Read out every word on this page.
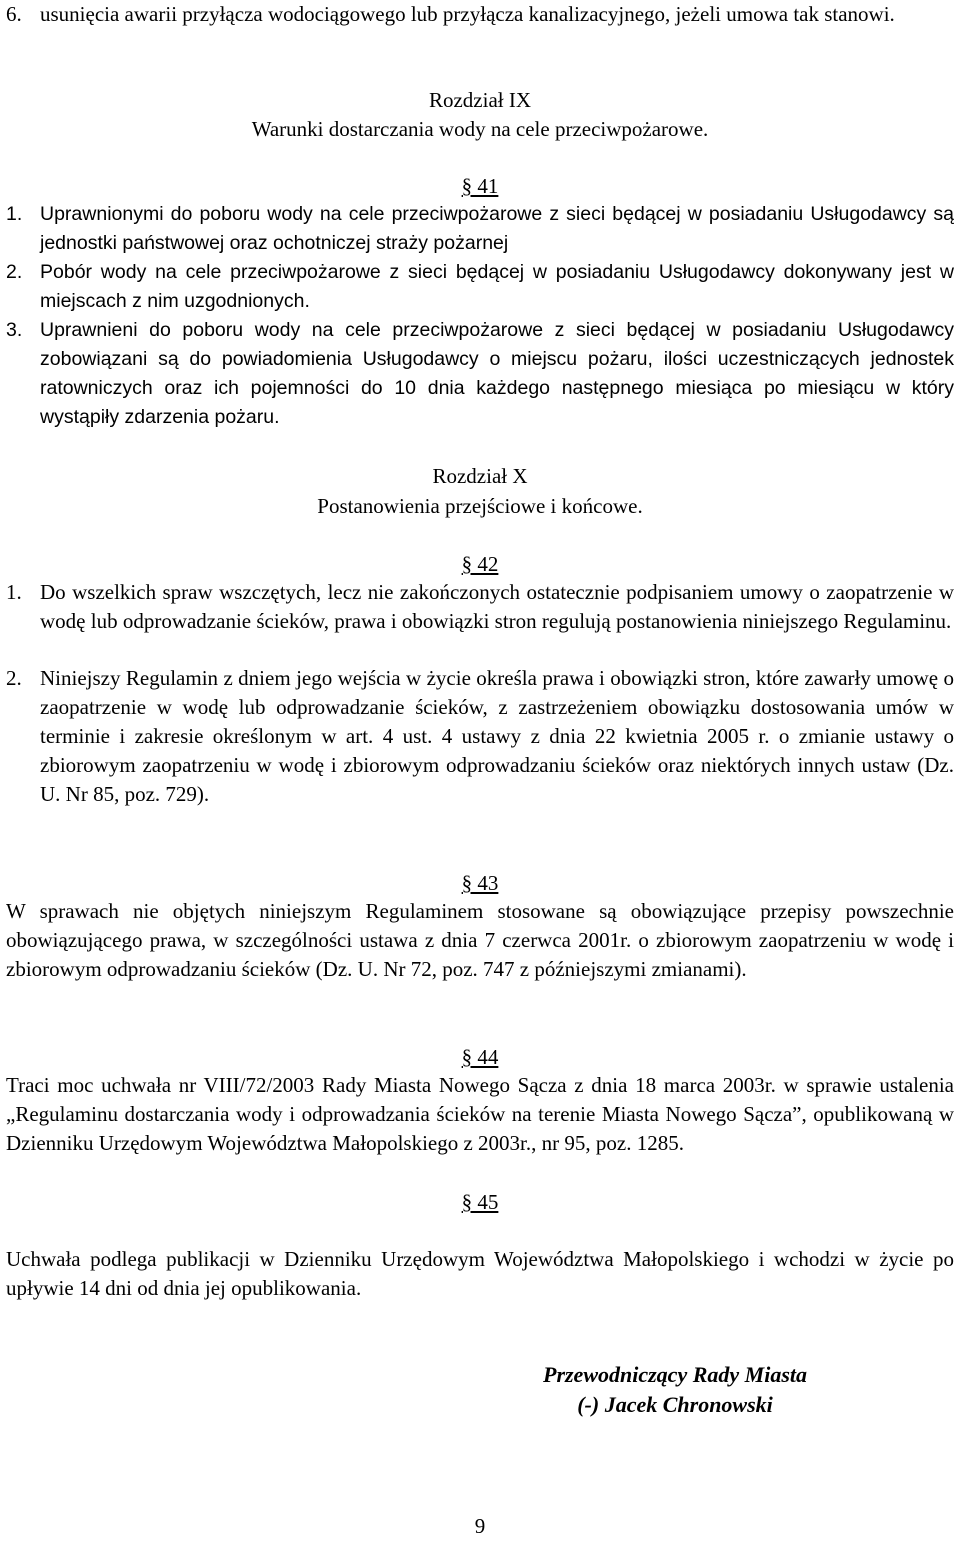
6. usunięcia awarii przyłącza wodociągowego lub przyłącza kanalizacyjnego, jeżeli umowa tak stanowi.
Rozdział IX
Warunki dostarczania wody na cele przeciwpożarowe.
§ 41
1. Uprawnionymi do poboru wody na cele przeciwpożarowe z sieci będącej w posiadaniu Usługodawcy są jednostki państwowej oraz ochotniczej straży pożarnej
2. Pobór wody na cele przeciwpożarowe z sieci będącej w posiadaniu Usługodawcy dokonywany jest w miejscach z nim uzgodnionych.
3. Uprawnieni do poboru wody na cele przeciwpożarowe z sieci będącej w posiadaniu Usługodawcy zobowiązani są do powiadomienia Usługodawcy o miejscu pożaru, ilości uczestniczących jednostek ratowniczych oraz ich pojemności do 10 dnia każdego następnego miesiąca po miesiącu w który wystąpiły zdarzenia pożaru.
Rozdział X
Postanowienia przejściowe i końcowe.
§ 42
1. Do wszelkich spraw wszczętych, lecz nie zakończonych ostatecznie podpisaniem umowy o zaopatrzenie w wodę lub odprowadzanie ścieków, prawa i obowiązki stron regulują postanowienia niniejszego Regulaminu.
2. Niniejszy Regulamin z dniem jego wejścia w życie określa prawa i obowiązki stron, które zawarły umowę o zaopatrzenie w wodę lub odprowadzanie ścieków, z zastrzeżeniem obowiązku dostosowania umów w terminie i zakresie określonym w art. 4 ust. 4 ustawy z dnia 22 kwietnia 2005 r. o zmianie ustawy o zbiorowym zaopatrzeniu w wodę i zbiorowym odprowadzaniu ścieków oraz niektórych innych ustaw (Dz. U. Nr 85, poz. 729).
§ 43
W sprawach nie objętych niniejszym Regulaminem stosowane są obowiązujące przepisy powszechnie obowiązującego prawa, w szczególności ustawa z dnia 7 czerwca 2001r. o zbiorowym zaopatrzeniu w wodę i zbiorowym odprowadzaniu ścieków (Dz. U. Nr 72, poz. 747 z późniejszymi zmianami).
§ 44
Traci moc uchwała nr VIII/72/2003 Rady Miasta Nowego Sącza z dnia 18 marca 2003r. w sprawie ustalenia „Regulaminu dostarczania wody i odprowadzania ścieków na terenie Miasta Nowego Sącza”, opublikowaną w Dzienniku Urzędowym Województwa Małopolskiego z 2003r., nr 95, poz. 1285.
§ 45
Uchwała podlega publikacji w Dzienniku Urzędowym Województwa Małopolskiego i wchodzi w życie po upływie 14 dni od dnia jej opublikowania.
Przewodniczący Rady Miasta
(-) Jacek Chronowski
9
